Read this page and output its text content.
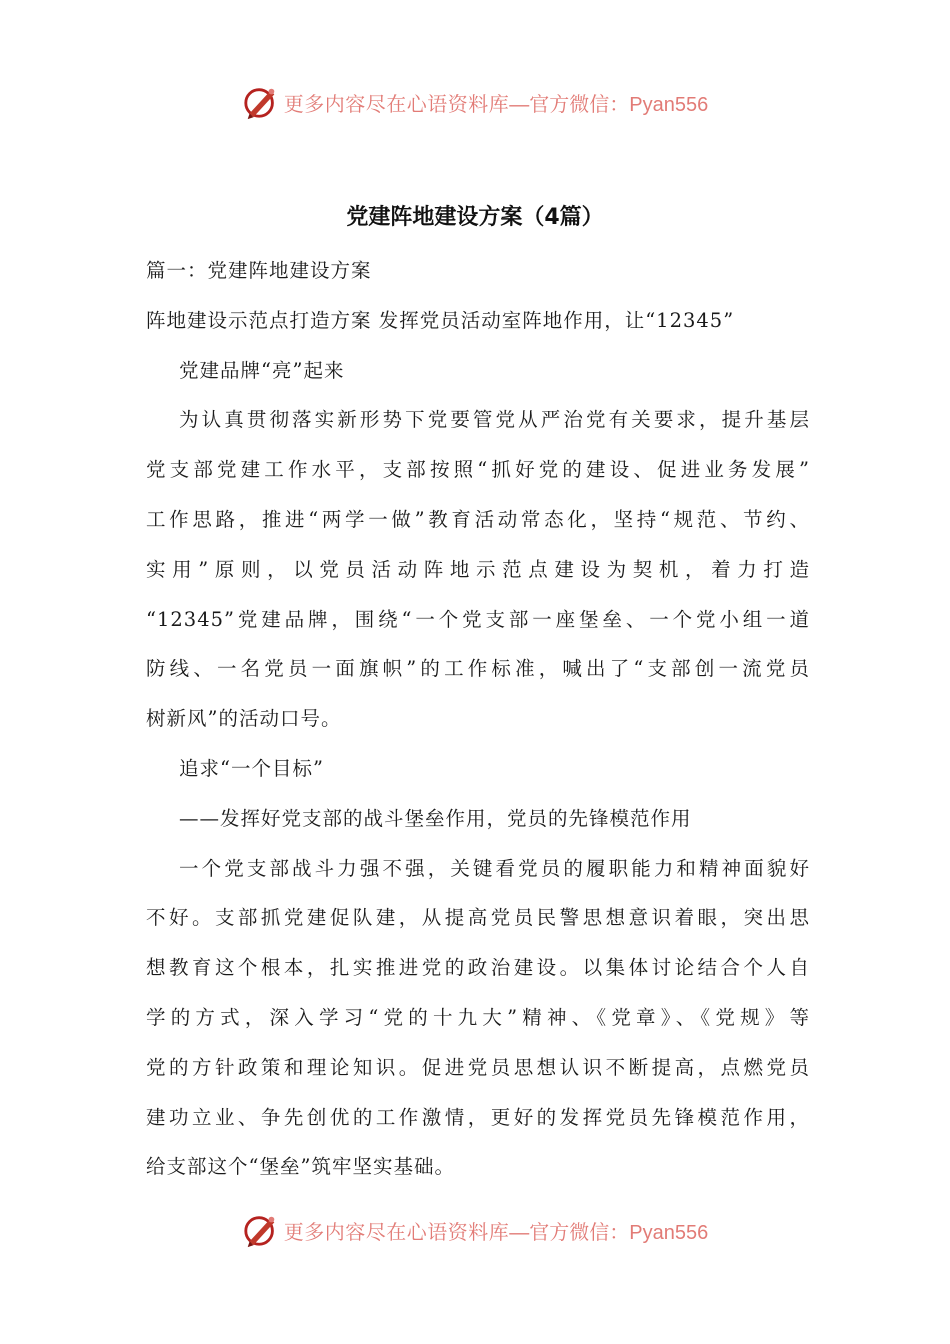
更多内容尽在心语资料库 —官方微信：Pyan556
党建阵地建设方案（4篇）
篇一：党建阵地建设方案
阵地建设示范点打造方案 发挥党员活动室阵地作用，让“12345”
党建品牌“亮”起来
为认真贯彻落实新形势下党要管党从严治党有关要求，提升基层
党支部党建工作水平，支部按照“抓好党的建设、促进业务发展”
工作思路，推进“两学一做”教育活动常态化，坚持“规范、节约、
实用”原则，以党员活动阵地示范点建设为契机，着力打造
“12345”党建品牌，围绕“一个党支部一座堡垒、一个党小组一道
防线、一名党员一面旗帜”的工作标准，喊出了“支部创一流党员
树新风”的活动口号。
追求“一个目标”
——发挥好党支部的战斗堡垒作用，党员的先锋模范作用
一个党支部战斗力强不强，关键看党员的履职能力和精神面貌好
不好。支部抓党建促队建，从提高党员民警思想意识着眼，突出思
想教育这个根本，扎实推进党的政治建设。以集体讨论结合个人自
学的方式，深入学习“党的十九大”精神、《党章》、《党规》等
党的方针政策和理论知识。促进党员思想认识不断提高，点燃党员
建功立业、争先创优的工作激情，更好的发挥党员先锋模范作用，
给支部这个“堡垒”筑牢坚实基础。
更多内容尽在心语资料库 —官方微信：Pyan556
